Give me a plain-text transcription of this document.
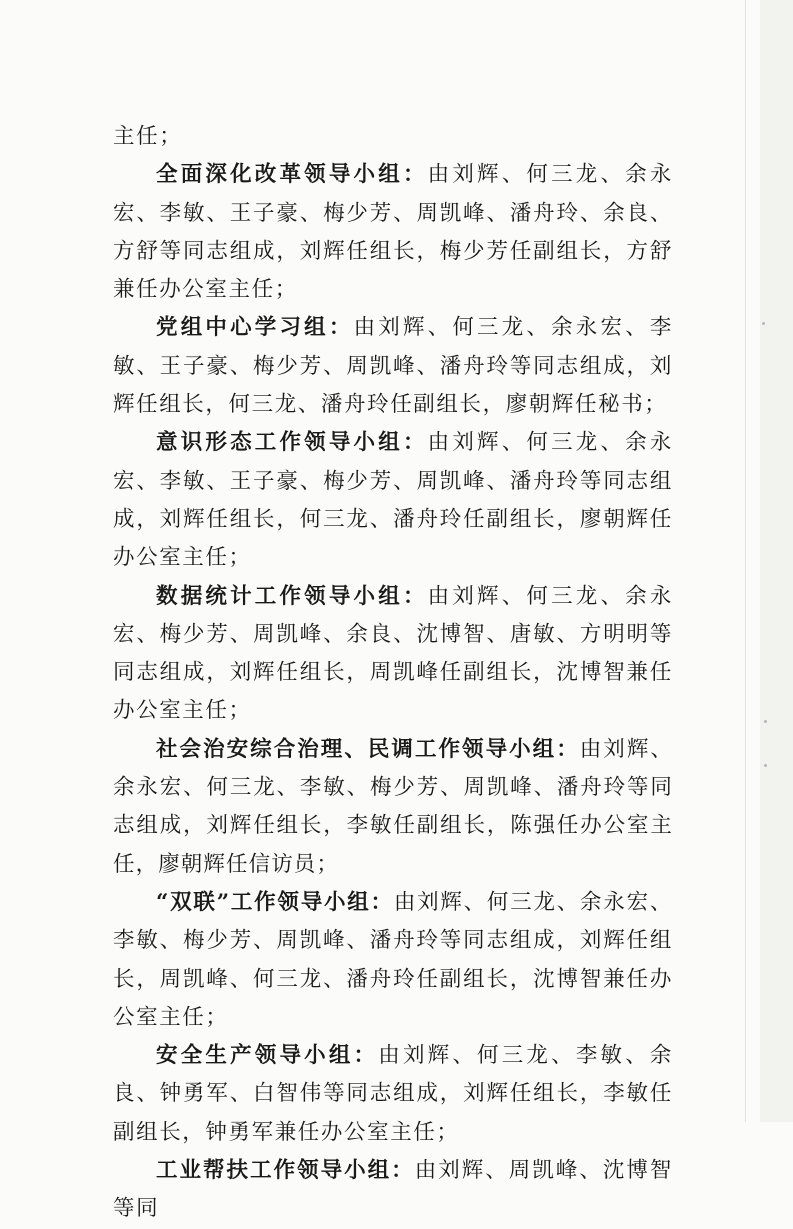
主任；

全面深化改革领导小组：由刘辉、何三龙、余永宏、李敏、王子豪、梅少芳、周凯峰、潘舟玲、余良、方舒等同志组成，刘辉任组长，梅少芳任副组长，方舒兼任办公室主任；

党组中心学习组：由刘辉、何三龙、余永宏、李敏、王子豪、梅少芳、周凯峰、潘舟玲等同志组成，刘辉任组长，何三龙、潘舟玲任副组长，廖朝辉任秘书；

意识形态工作领导小组：由刘辉、何三龙、余永宏、李敏、王子豪、梅少芳、周凯峰、潘舟玲等同志组成，刘辉任组长，何三龙、潘舟玲任副组长，廖朝辉任办公室主任；

数据统计工作领导小组：由刘辉、何三龙、余永宏、梅少芳、周凯峰、余良、沈博智、唐敏、方明明等同志组成，刘辉任组长，周凯峰任副组长，沈博智兼任办公室主任；

社会治安综合治理、民调工作领导小组：由刘辉、余永宏、何三龙、李敏、梅少芳、周凯峰、潘舟玲等同志组成，刘辉任组长，李敏任副组长，陈强任办公室主任，廖朝辉任信访员；

“双联”工作领导小组：由刘辉、何三龙、余永宏、李敏、梅少芳、周凯峰、潘舟玲等同志组成，刘辉任组长，周凯峰、何三龙、潘舟玲任副组长，沈博智兼任办公室主任；

安全生产领导小组：由刘辉、何三龙、李敏、余良、钟勇军、白智伟等同志组成，刘辉任组长，李敏任副组长，钟勇军兼任办公室主任；

工业帮扶工作领导小组：由刘辉、周凯峰、沈博智等同
